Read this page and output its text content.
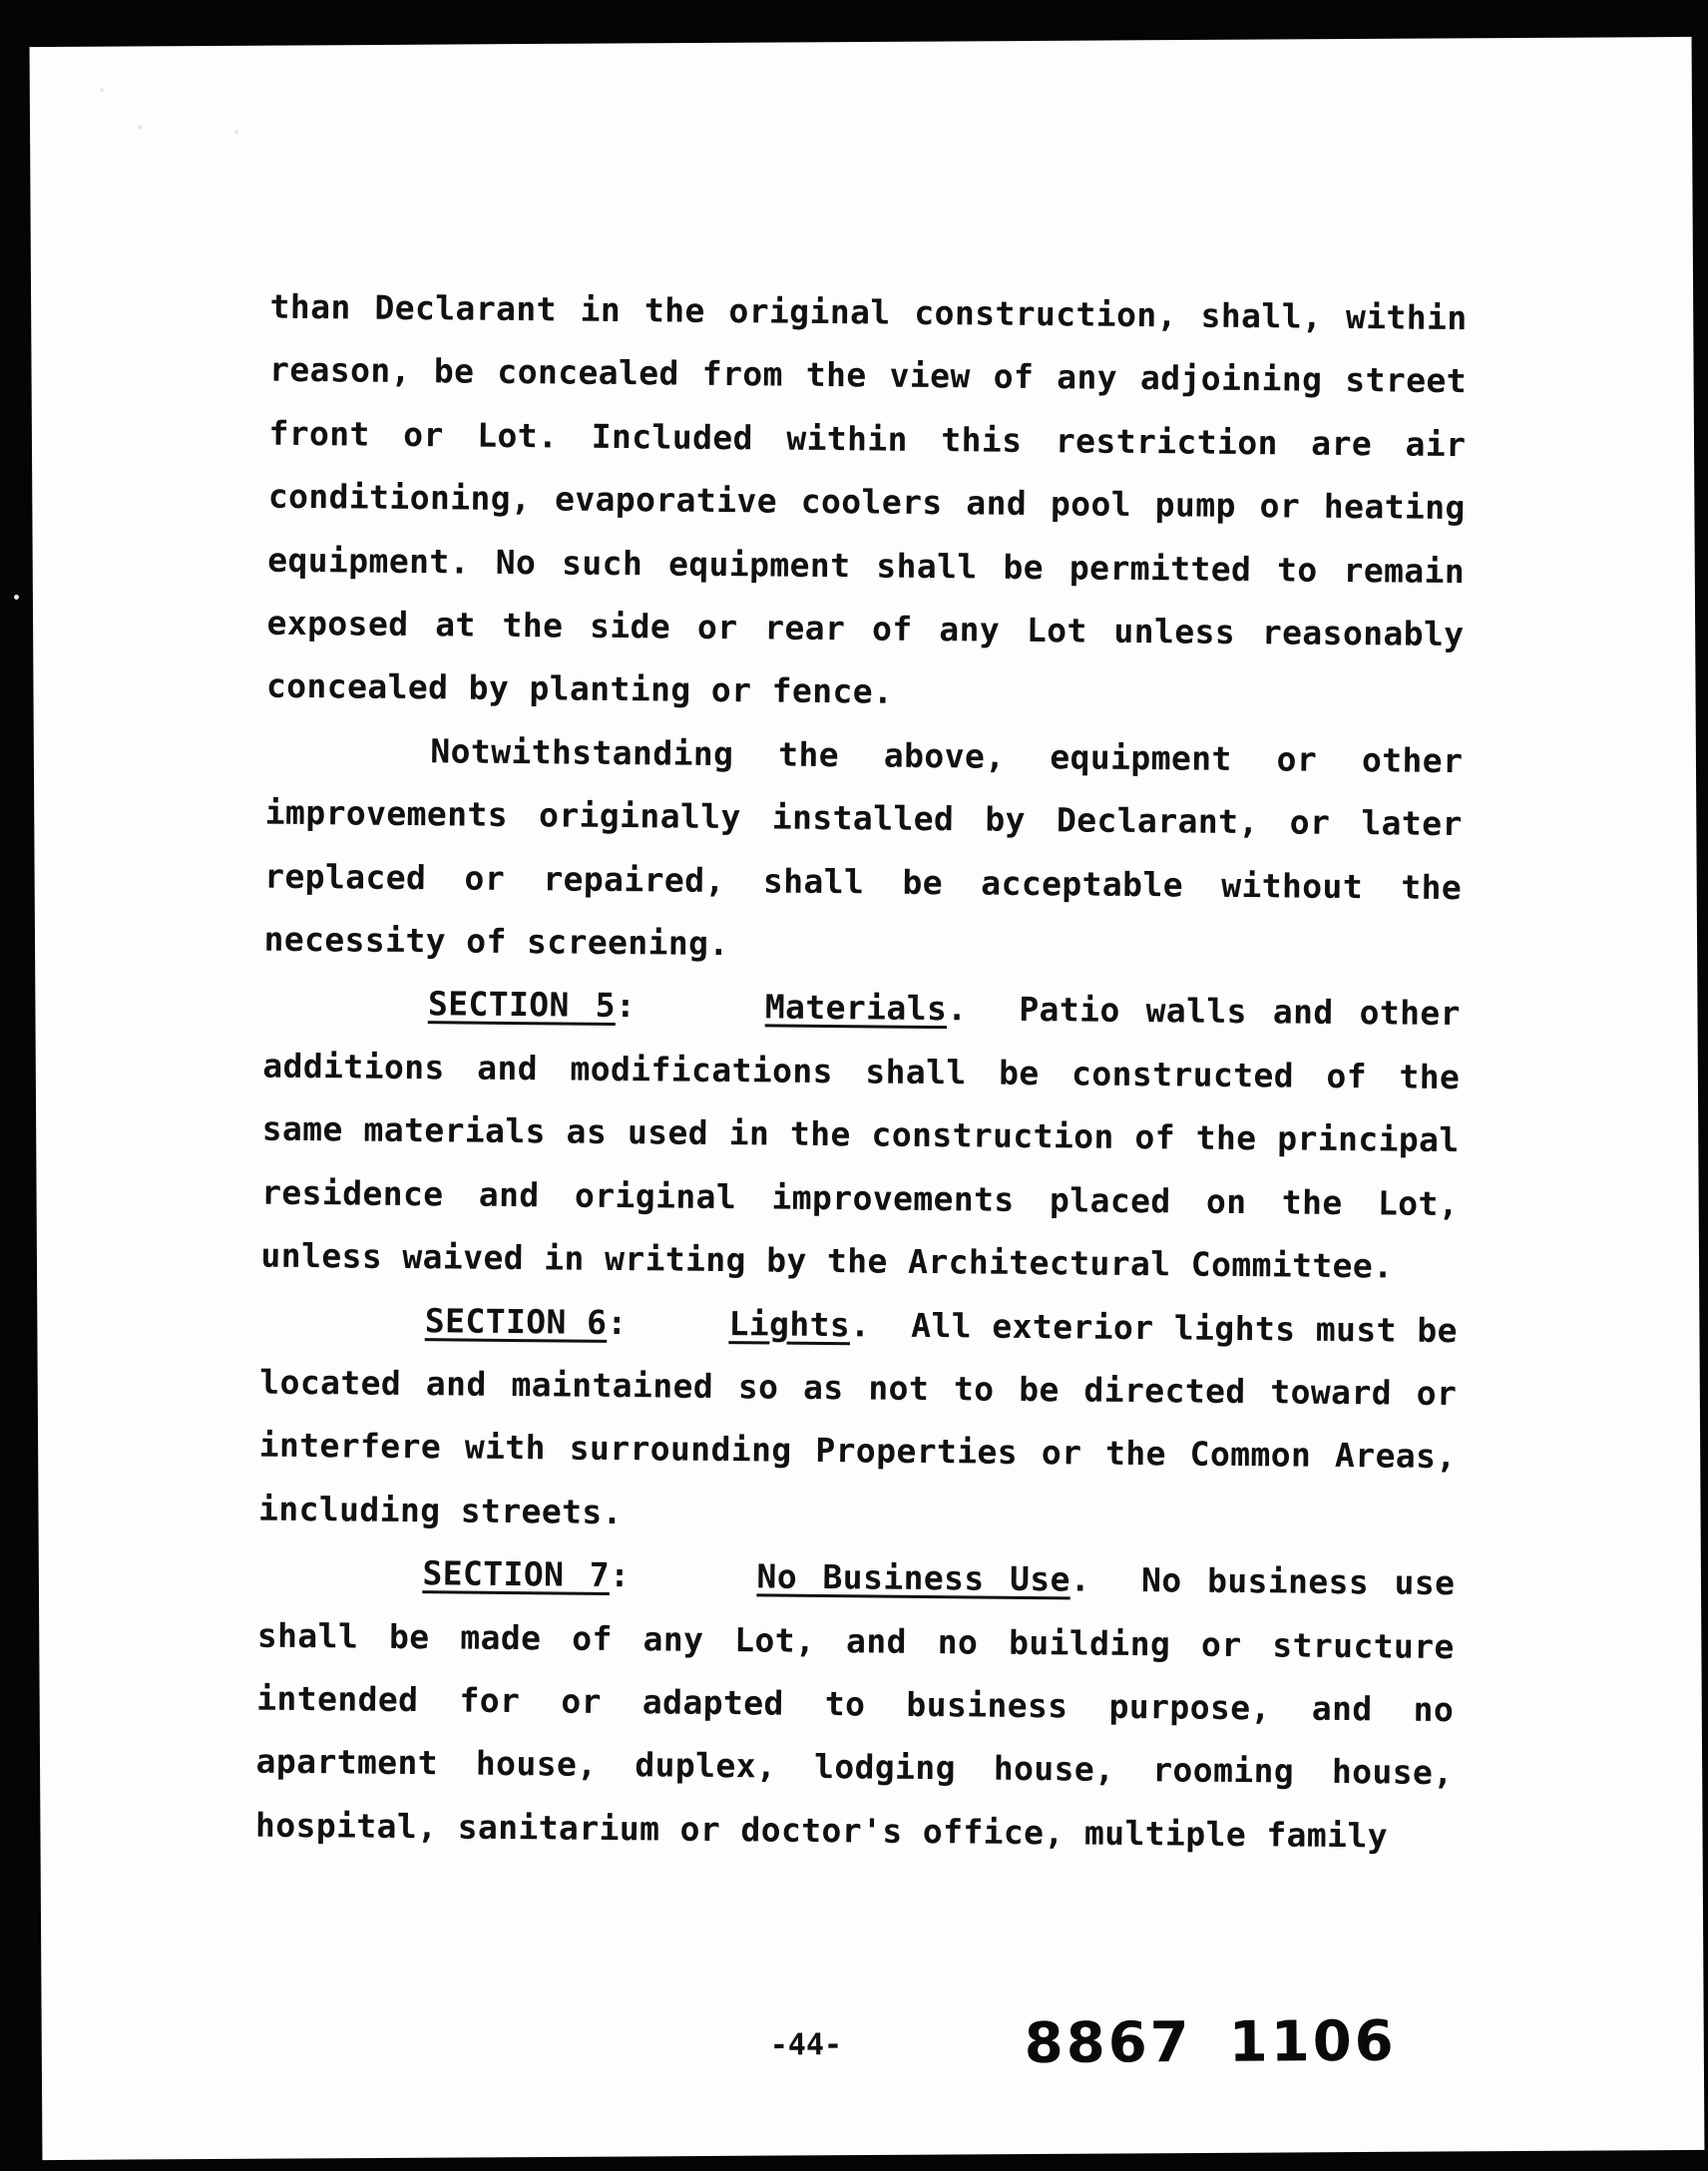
than Declarant in the original construction, shall, within reason, be concealed from the view of any adjoining street front or Lot. Included within this restriction are air conditioning, evaporative coolers and pool pump or heating equipment. No such equipment shall be permitted to remain exposed at the side or rear of any Lot unless reasonably concealed by planting or fence.

Notwithstanding the above, equipment or other improvements originally installed by Declarant, or later replaced or repaired, shall be acceptable without the necessity of screening.

SECTION 5:     Materials.  Patio walls and other additions and modifications shall be constructed of the same materials as used in the construction of the principal residence and original improvements placed on the Lot, unless waived in writing by the Architectural Committee.

SECTION 6:     Lights.  All exterior lights must be located and maintained so as not to be directed toward or interfere with surrounding Properties or the Common Areas, including streets.

SECTION 7:     No Business Use.  No business use shall be made of any Lot, and no building or structure intended for or adapted to business purpose, and no apartment house, duplex, lodging house, rooming house, hospital, sanitarium or doctor's office, multiple family

-44-	8867 1106
